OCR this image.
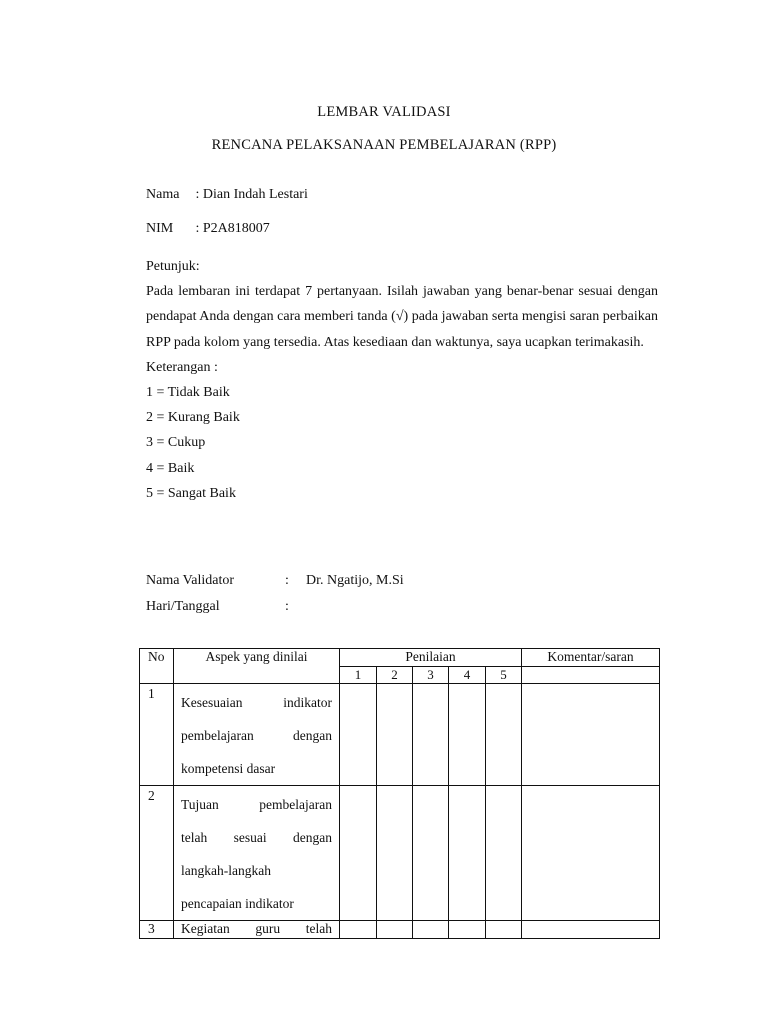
LEMBAR VALIDASI
RENCANA PELAKSANAAN PEMBELAJARAN (RPP)
Nama : Dian Indah Lestari
NIM : P2A818007

Petunjuk:

Pada lembaran ini terdapat 7 pertanyaan. Isilah jawaban yang benar-benar sesuai dengan pendapat Anda dengan cara memberi tanda (√) pada jawaban serta mengisi saran perbaikan RPP pada kolom yang tersedia. Atas kesediaan dan waktunya, saya ucapkan terimakasih.

Keterangan :

1 = Tidak Baik
2 = Kurang Baik
3 = Cukup
4 = Baik
5 = Sangat Baik
Nama Validator	: Dr. Ngatijo, M.Si
Hari/Tanggal	:
No	Aspek yang dinilai	Penilaian					Komentar/saran
		1	2	3	4	5	
1	Kesesuaian indikator
pembelajaran dengan
kompetensi dasar						

2	Tujuan pembelajaran
telah sesuai dengan
langkah-langkah
pencapaian indikator						

3	Kegiatan guru telah						
